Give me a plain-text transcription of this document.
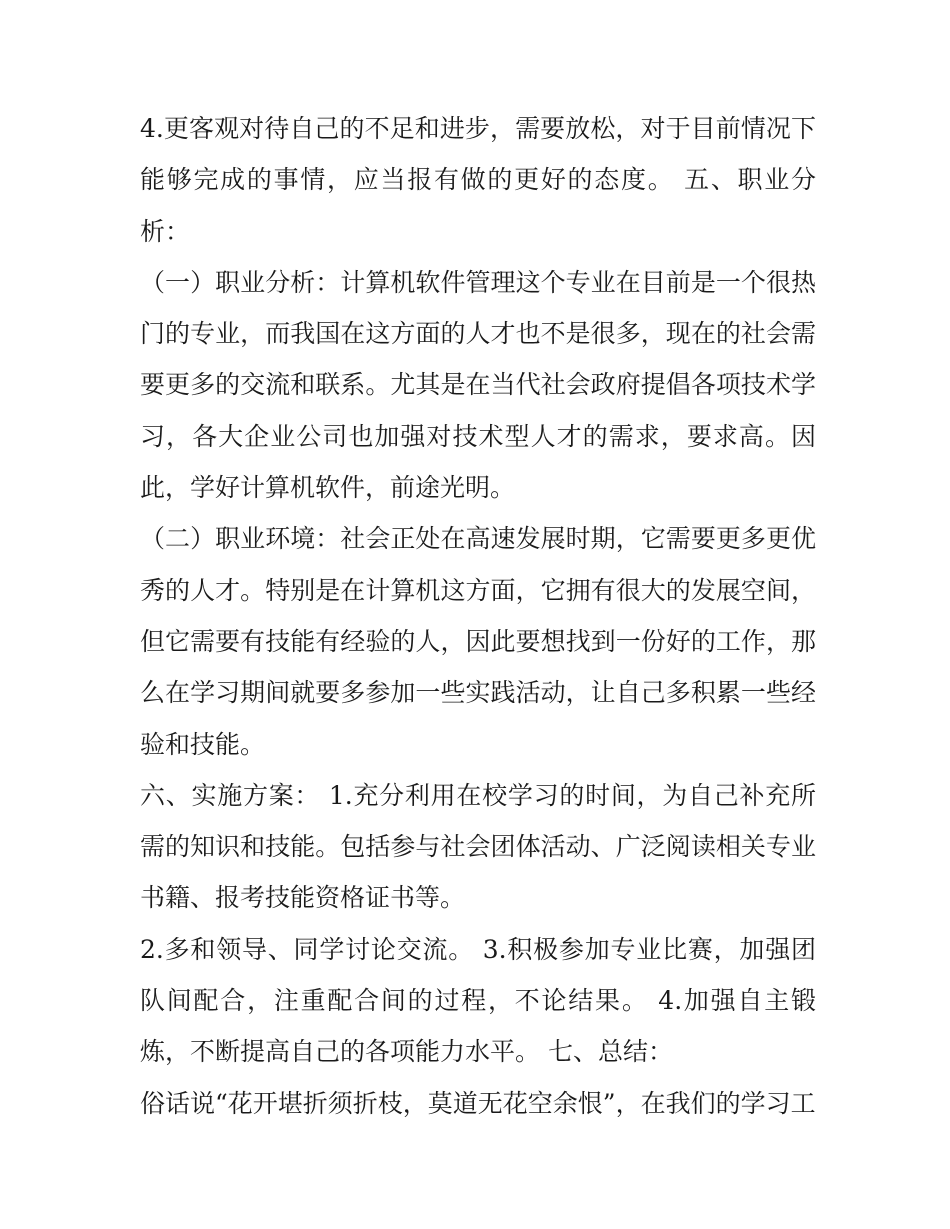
4.更客观对待自己的不足和进步，需要放松，对于目前情况下能够完成的事情，应当报有做的更好的态度。 五、职业分析：

（一）职业分析：计算机软件管理这个专业在目前是一个很热门的专业，而我国在这方面的人才也不是很多，现在的社会需要更多的交流和联系。尤其是在当代社会政府提倡各项技术学习，各大企业公司也加强对技术型人才的需求，要求高。因此，学好计算机软件，前途光明。

（二）职业环境：社会正处在高速发展时期，它需要更多更优秀的人才。特别是在计算机这方面，它拥有很大的发展空间，但它需要有技能有经验的人，因此要想找到一份好的工作，那么在学习期间就要多参加一些实践活动，让自己多积累一些经验和技能。

六、实施方案： 1.充分利用在校学习的时间，为自己补充所需的知识和技能。包括参与社会团体活动、广泛阅读相关专业书籍、报考技能资格证书等。

2.多和领导、同学讨论交流。 3.积极参加专业比赛，加强团队间配合，注重配合间的过程，不论结果。 4.加强自主锻炼，不断提高自己的各项能力水平。 七、总结：

俗话说“花开堪折须折枝，莫道无花空余恨”，在我们的学习工
